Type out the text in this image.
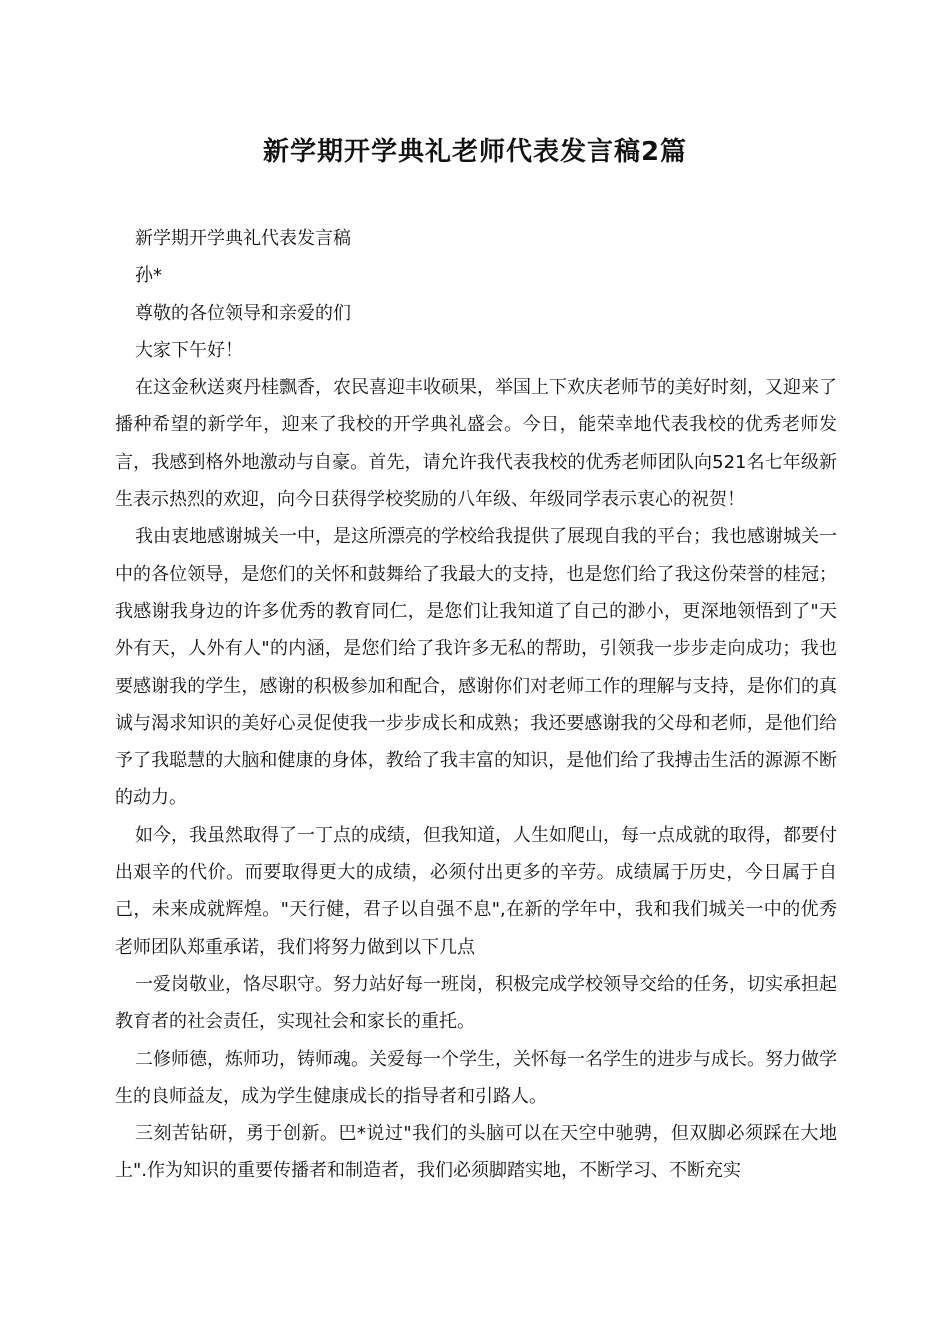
新学期开学典礼老师代表发言稿2篇

新学期开学典礼代表发言稿

孙*

尊敬的各位领导和亲爱的们

大家下午好！

在这金秋送爽丹桂飘香，农民喜迎丰收硕果，举国上下欢庆老师节的美好时刻，又迎来了播种希望的新学年，迎来了我校的开学典礼盛会。今日，能荣幸地代表我校的优秀老师发言，我感到格外地激动与自豪。首先，请允许我代表我校的优秀老师团队向521名七年级新生表示热烈的欢迎，向今日获得学校奖励的八年级、年级同学表示衷心的祝贺！

我由衷地感谢城关一中，是这所漂亮的学校给我提供了展现自我的平台；我也感谢城关一中的各位领导，是您们的关怀和鼓舞给了我最大的支持，也是您们给了我这份荣誉的桂冠；我感谢我身边的许多优秀的教育同仁，是您们让我知道了自己的渺小，更深地领悟到了"天外有天，人外有人"的内涵，是您们给了我许多无私的帮助，引领我一步步走向成功；我也要感谢我的学生，感谢的积极参加和配合，感谢你们对老师工作的理解与支持，是你们的真诚与渴求知识的美好心灵促使我一步步成长和成熟；我还要感谢我的父母和老师，是他们给予了我聪慧的大脑和健康的身体，教给了我丰富的知识，是他们给了我搏击生活的源源不断的动力。

如今，我虽然取得了一丁点的成绩，但我知道，人生如爬山，每一点成就的取得，都要付出艰辛的代价。而要取得更大的成绩，必须付出更多的辛劳。成绩属于历史，今日属于自己，未来成就辉煌。"天行健，君子以自强不息",在新的学年中，我和我们城关一中的优秀老师团队郑重承诺，我们将努力做到以下几点

一爱岗敬业，恪尽职守。努力站好每一班岗，积极完成学校领导交给的任务，切实承担起教育者的社会责任，实现社会和家长的重托。

二修师德，炼师功，铸师魂。关爱每一个学生，关怀每一名学生的进步与成长。努力做学生的良师益友，成为学生健康成长的指导者和引路人。

三刻苦钻研，勇于创新。巴*说过"我们的头脑可以在天空中驰骋，但双脚必须踩在大地上".作为知识的重要传播者和制造者，我们必须脚踏实地，不断学习、不断充实
